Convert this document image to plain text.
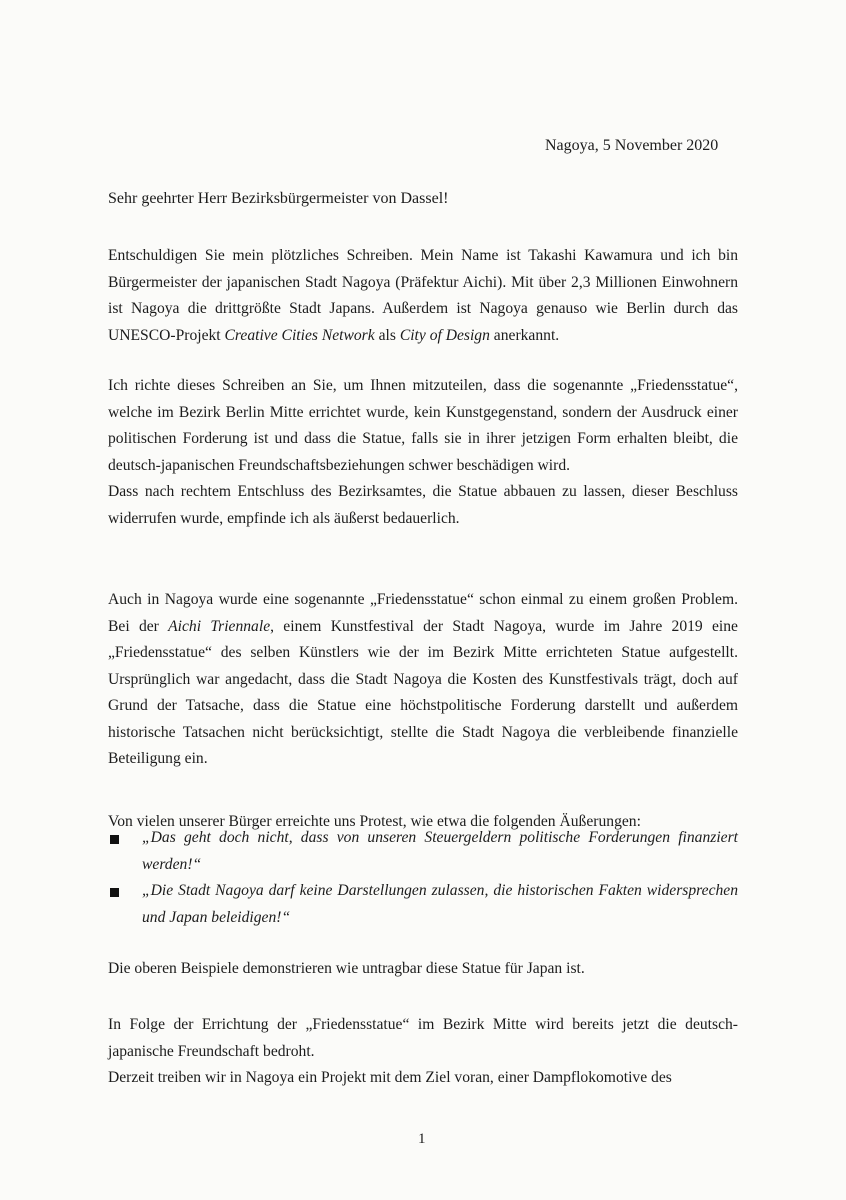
Nagoya, 5 November 2020
Sehr geehrter Herr Bezirksbürgermeister von Dassel!
Entschuldigen Sie mein plötzliches Schreiben. Mein Name ist Takashi Kawamura und ich bin Bürgermeister der japanischen Stadt Nagoya (Präfektur Aichi). Mit über 2,3 Millionen Einwohnern ist Nagoya die drittgrößte Stadt Japans. Außerdem ist Nagoya genauso wie Berlin durch das UNESCO-Projekt Creative Cities Network als City of Design anerkannt.
Ich richte dieses Schreiben an Sie, um Ihnen mitzuteilen, dass die sogenannte „Friedensstatue“, welche im Bezirk Berlin Mitte errichtet wurde, kein Kunstgegenstand, sondern der Ausdruck einer politischen Forderung ist und dass die Statue, falls sie in ihrer jetzigen Form erhalten bleibt, die deutsch-japanischen Freundschaftsbeziehungen schwer beschädigen wird.
Dass nach rechtem Entschluss des Bezirksamtes, die Statue abbauen zu lassen, dieser Beschluss widerrufen wurde, empfinde ich als äußerst bedauerlich.
Auch in Nagoya wurde eine sogenannte „Friedensstatue“ schon einmal zu einem großen Problem. Bei der Aichi Triennale, einem Kunstfestival der Stadt Nagoya, wurde im Jahre 2019 eine „Friedensstatue“ des selben Künstlers wie der im Bezirk Mitte errichteten Statue aufgestellt. Ursprünglich war angedacht, dass die Stadt Nagoya die Kosten des Kunstfestivals trägt, doch auf Grund der Tatsache, dass die Statue eine höchstpolitische Forderung darstellt und außerdem historische Tatsachen nicht berücksichtigt, stellte die Stadt Nagoya die verbleibende finanzielle Beteiligung ein.
Von vielen unserer Bürger erreichte uns Protest, wie etwa die folgenden Äußerungen:
„Das geht doch nicht, dass von unseren Steuergeldern politische Forderungen finanziert werden!“
„Die Stadt Nagoya darf keine Darstellungen zulassen, die historischen Fakten widersprechen und Japan beleidigen!“
Die oberen Beispiele demonstrieren wie untragbar diese Statue für Japan ist.
In Folge der Errichtung der „Friedensstatue“ im Bezirk Mitte wird bereits jetzt die deutsch-japanische Freundschaft bedroht.
Derzeit treiben wir in Nagoya ein Projekt mit dem Ziel voran, einer Dampflokomotive des
1
